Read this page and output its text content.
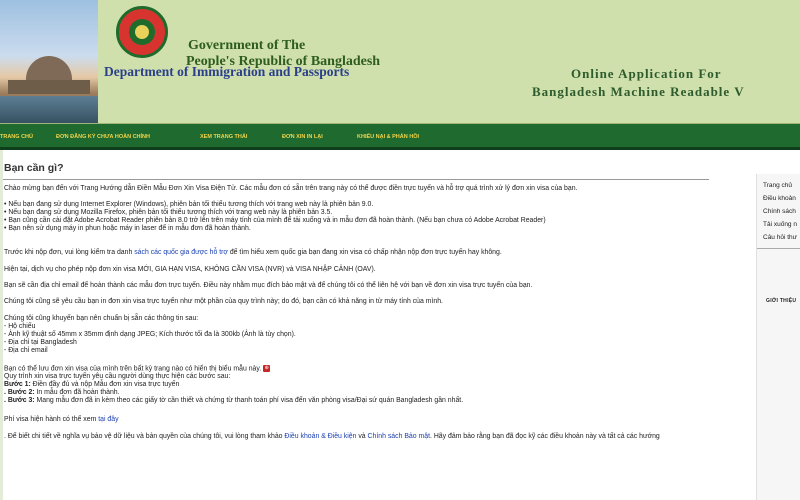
Government of The
People's Republic of Bangladesh
Department of Immigration and Passports	Online Application For
Bangladesh Machine Readable V
TRANG CHỦ	ĐƠN ĐĂNG KÝ CHƯA HOÀN CHỈNH	XEM TRẠNG THÁI	ĐƠN XIN IN LẠI	KHIẾU NẠI & PHẢN HỒI
Bạn cần gì?
Chào mừng bạn đến với Trang Hướng dẫn Điền Mẫu Đơn Xin Visa Điện Tử. Các mẫu đơn có sẵn trên trang này có thể được điền trực tuyến và hỗ trợ quá trình xử lý đơn xin visa của bạn.
• Nếu bạn đang sử dụng Internet Explorer (Windows), phiên bản tối thiểu tương thích với trang web này là phiên bản 9.0.
• Nếu bạn đang sử dụng Mozilla Firefox, phiên bản tối thiểu tương thích với trang web này là phiên bản 3.5.
• Bạn cũng cần cài đặt Adobe Acrobat Reader phiên bản 8.0 trở lên trên máy tính của mình để tải xuống và in mẫu đơn đã hoàn thành. (Nếu bạn chưa có Adobe Acrobat Reader)
• Bạn nên sử dụng máy in phun hoặc máy in laser để in mẫu đơn đã hoàn thành.
Trước khi nộp đơn, vui lòng kiểm tra danh sách các quốc gia được hỗ trợ để tìm hiểu xem quốc gia bạn đang xin visa có chấp nhận nộp đơn trực tuyến hay không.
Hiện tại, dịch vụ cho phép nộp đơn xin visa MỚI, GIA HẠN VISA, KHÔNG CẦN VISA (NVR) và VISA NHẬP CẢNH (OAV).
Bạn sẽ cần địa chỉ email để hoàn thành các mẫu đơn trực tuyến. Điều này nhằm mục đích bảo mật và để chúng tôi có thể liên hệ với bạn về đơn xin visa trực tuyến của bạn.
Chúng tôi cũng sẽ yêu cầu bạn in đơn xin visa trực tuyến như một phần của quy trình này; do đó, bạn cần có khả năng in từ máy tính của mình.
Chúng tôi cũng khuyến bạn nên chuẩn bị sẵn các thông tin sau:
- Hộ chiếu
- Ảnh kỹ thuật số 45mm x 35mm định dạng JPEG; Kích thước tối đa là 300kb (Ảnh là tùy chọn).
- Địa chỉ tại Bangladesh
- Địa chỉ email
Bạn có thể lưu đơn xin visa của mình trên bất kỳ trang nào có hiển thị biểu mẫu này. ⊕
Quy trình xin visa trực tuyến yêu cầu người dùng thực hiện các bước sau:
Bước 1: Điền đầy đủ và nộp Mẫu đơn xin visa trực tuyến
. Bước 2: In mẫu đơn đã hoàn thành.
. Bước 3: Mang mẫu đơn đã in kèm theo các giấy tờ cần thiết và chứng từ thanh toán phí visa đến văn phòng visa/Đại sứ quán Bangladesh gần nhất.
Phí visa hiện hành có thể xem tại đây
. Để biết chi tiết về nghĩa vụ bảo vệ dữ liệu và bản quyền của chúng tôi, vui lòng tham khảo Điều khoản & Điều kiện và Chính sách Bảo mật. Hãy đảm bảo rằng bạn đã đọc kỹ các điều khoản này và tất cả các hướng
Trang chủ
Điều khoản
Chính sách
Tải xuống n
Câu hỏi thư
GIỚI THIỆU
